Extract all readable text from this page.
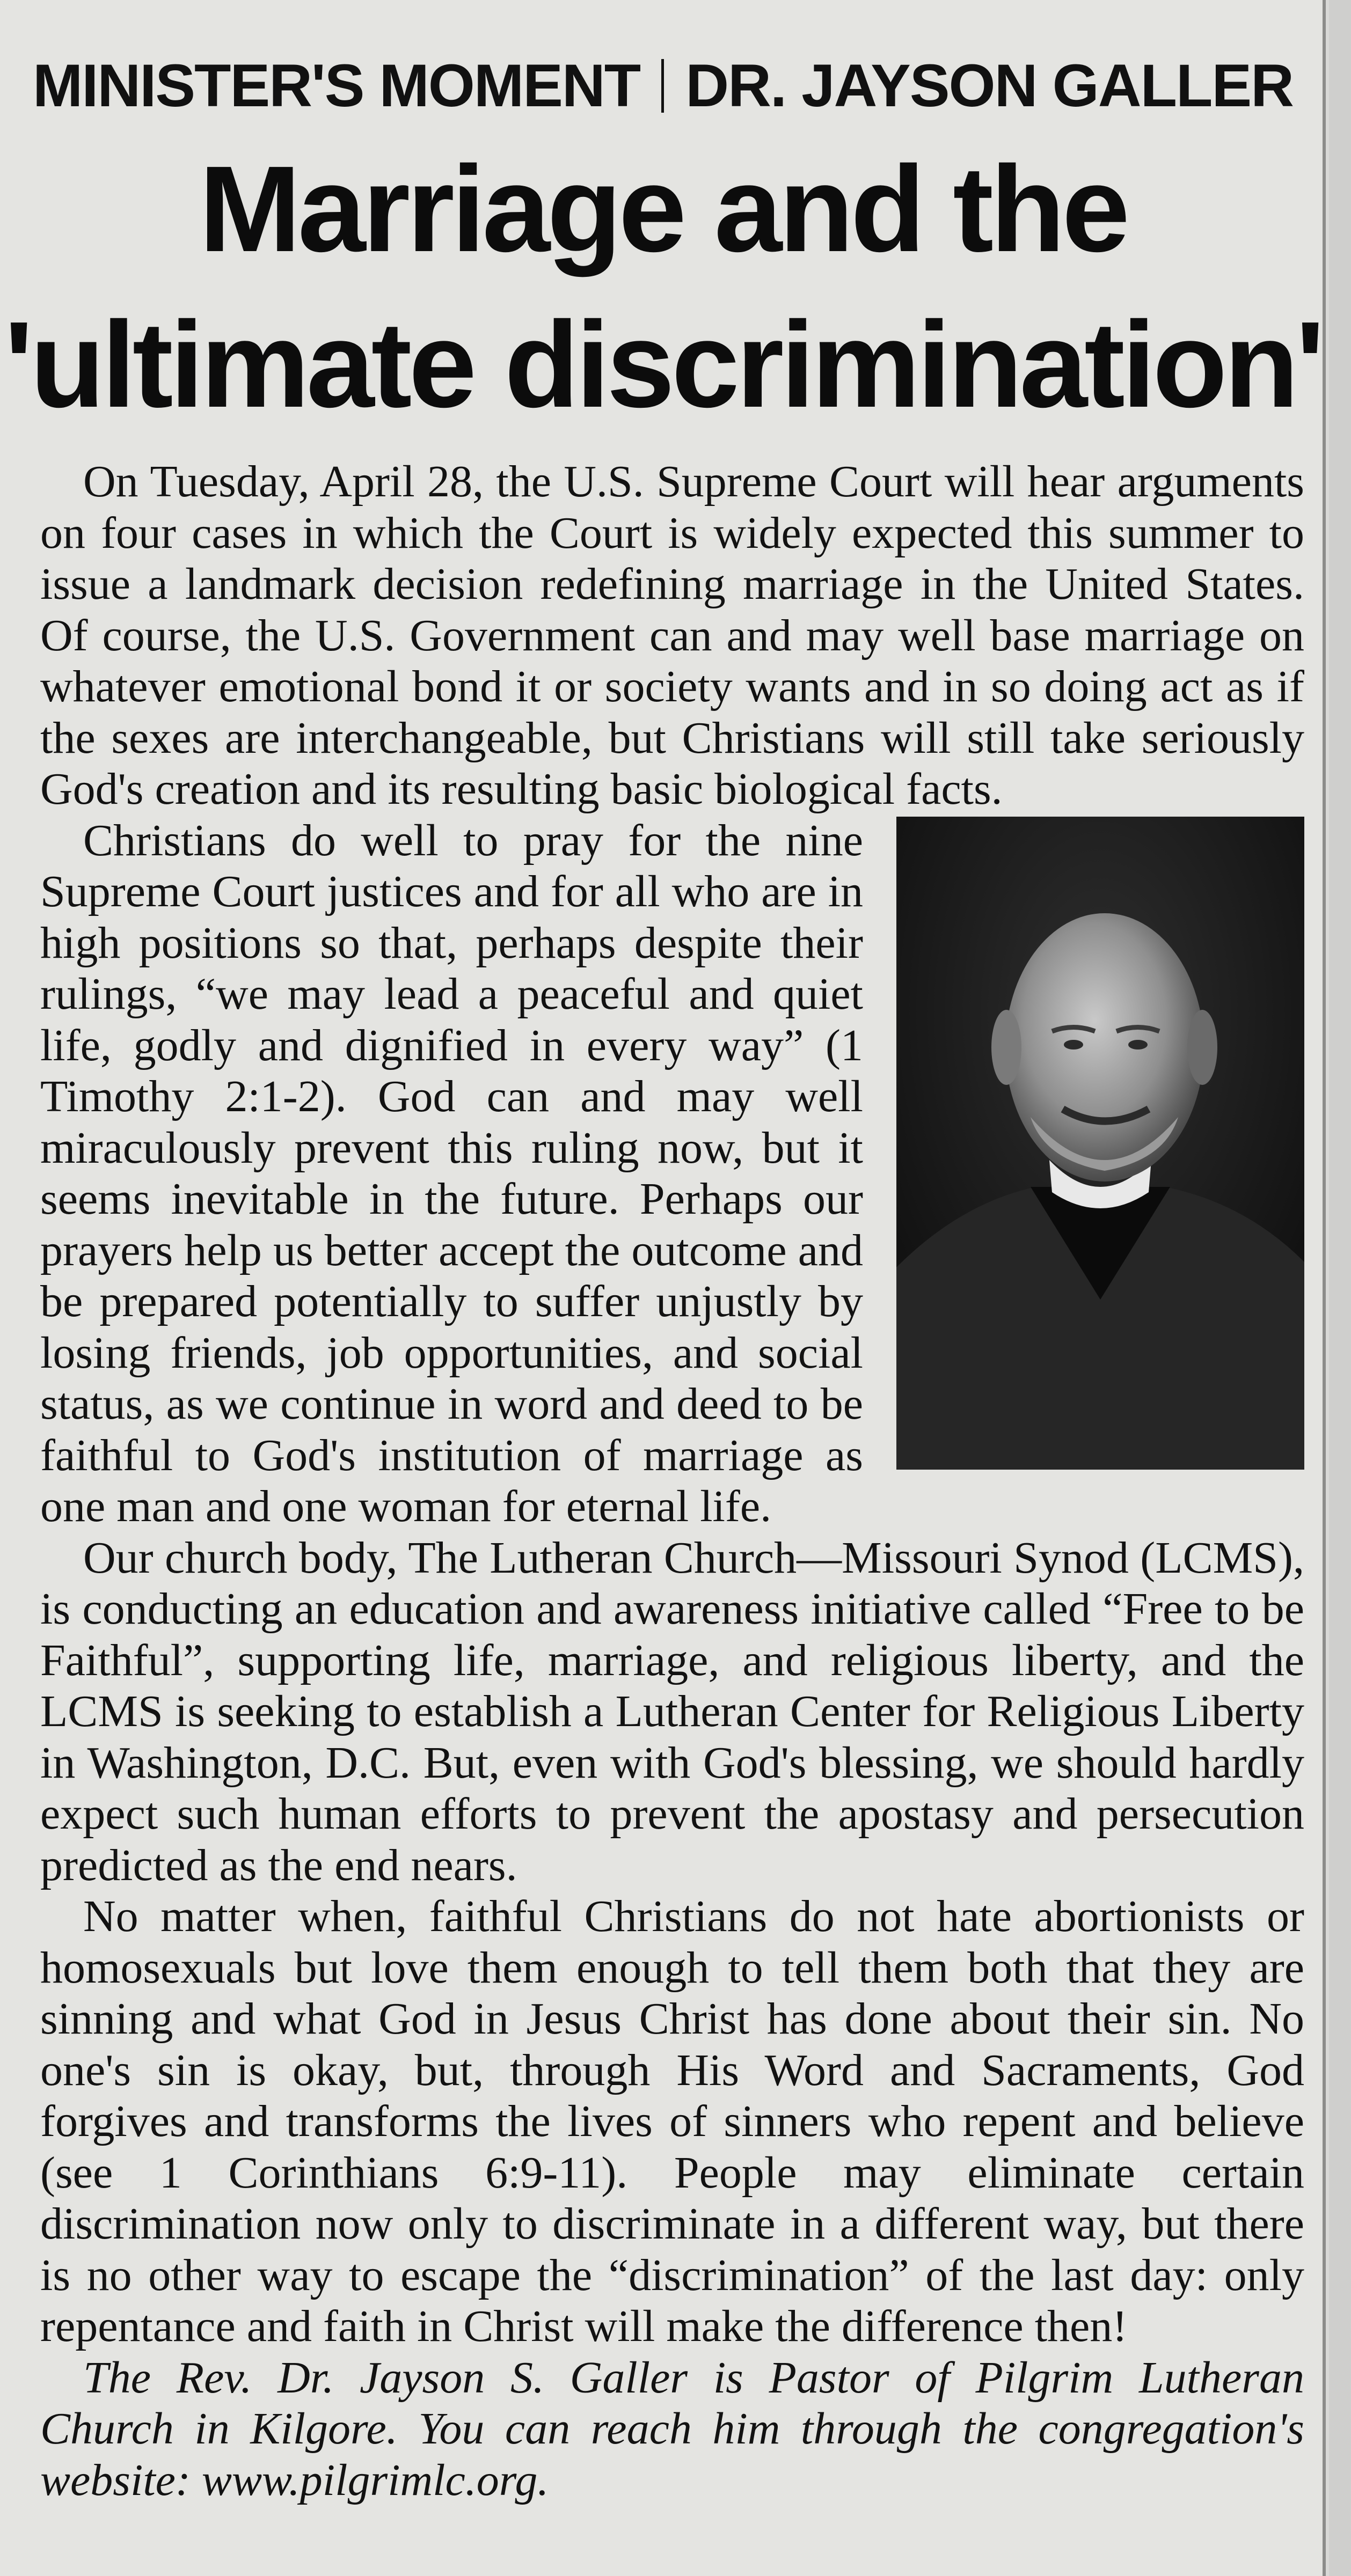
MINISTER'S MOMENT DR. JAYSON GALLER
Marriage and the
'ultimate discrimination'

On Tuesday, April 28, the U.S. Supreme Court will hear arguments on four cases in which the Court is widely expected this summer to issue a landmark decision redefining marriage in the United States. Of course, the U.S. Government can and may well base marriage on whatever emotional bond it or society wants and in so doing act as if the sexes are interchangeable, but Christians will still take seriously God's creation and its resulting basic biological facts.

Christians do well to pray for the nine Supreme Court justices and for all who are in high positions so that, perhaps despite their rulings, “we may lead a peaceful and quiet life, godly and dignified in every way” (1 Timothy 2:1-2). God can and may well miraculously prevent this ruling now, but it seems inevitable in the future. Perhaps our prayers help us better accept the outcome and be prepared potentially to suffer unjustly by losing friends, job opportunities, and social status, as we continue in word and deed to be faithful to God's institution of marriage as one man and one woman for eternal life.

Our church body, The Lutheran Church—Missouri Synod (LCMS), is conducting an education and awareness initiative called “Free to be Faithful”, supporting life, marriage, and religious liberty, and the LCMS is seeking to establish a Lutheran Center for Religious Liberty in Washington, D.C. But, even with God's blessing, we should hardly expect such human efforts to prevent the apostasy and persecution predicted as the end nears.

No matter when, faithful Christians do not hate abortionists or homosexuals but love them enough to tell them both that they are sinning and what God in Jesus Christ has done about their sin. No one's sin is okay, but, through His Word and Sacraments, God forgives and transforms the lives of sinners who repent and believe (see 1 Corinthians 6:9-11). People may eliminate certain discrimination now only to discriminate in a different way, but there is no other way to escape the “discrimination” of the last day: only repentance and faith in Christ will make the difference then!

The Rev. Dr. Jayson S. Galler is Pastor of Pilgrim Lutheran Church in Kilgore. You can reach him through the congregation's website: www.pilgrimlc.org.
